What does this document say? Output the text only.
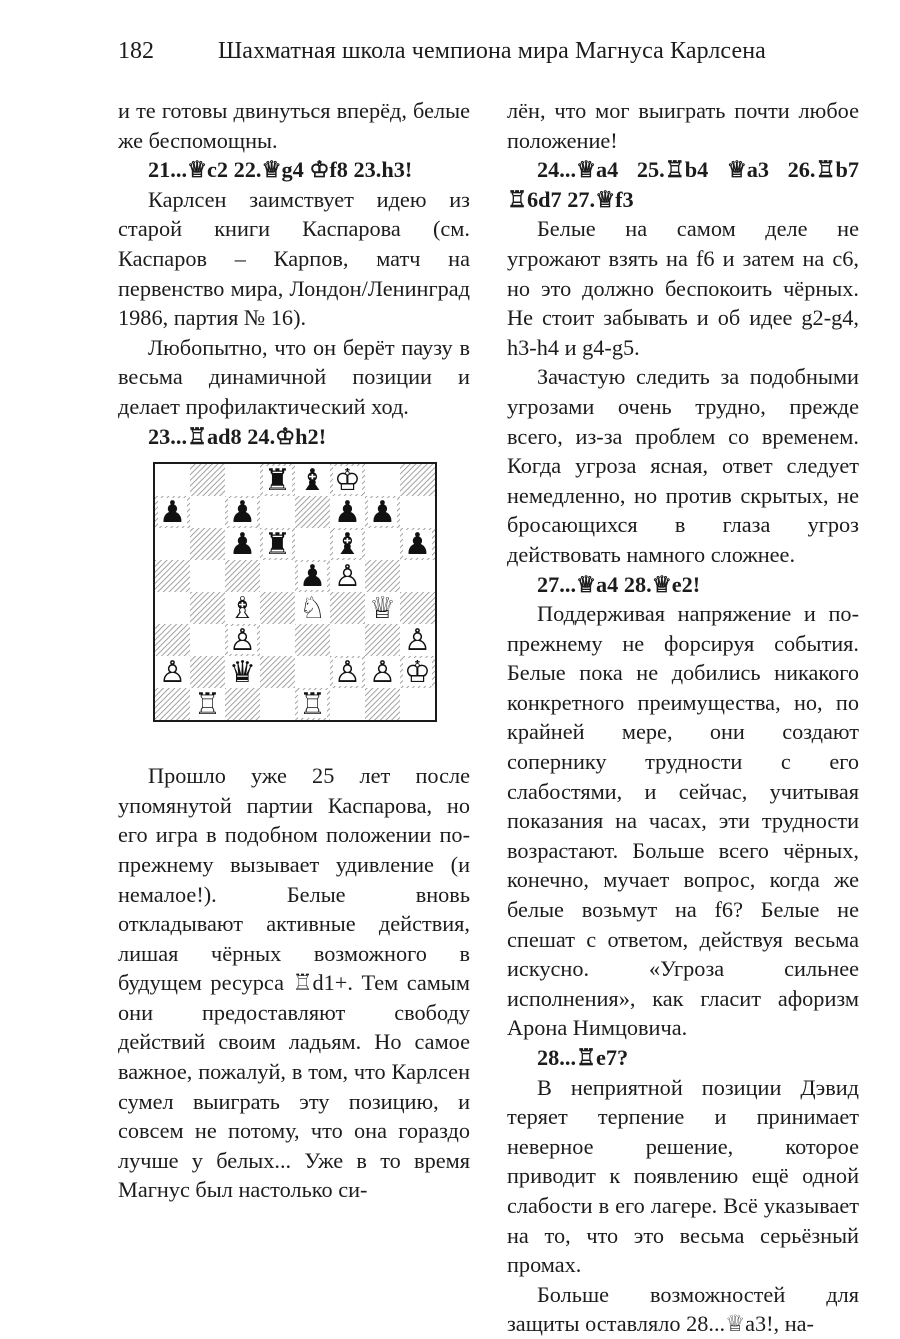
182	Шахматная школа чемпиона мира Магнуса Карлсена

и те готовы двинуться вперёд, белые же беспомощны.

21...♕c2 22.♕g4 ♔f8 23.h3!

Карлсен заимствует идею из старой книги Каспарова (см. Каспаров – Карпов, матч на первенство мира, Лондон/Ленинград 1986, партия № 16).

Любопытно, что он берёт паузу в весьма динамичной позиции и делает профилактический ход.

23...♖ad8 24.♔h2!

Прошло уже 25 лет после упомянутой партии Каспарова, но его игра в подобном положении по-прежнему вызывает удивление (и немалое!). Белые вновь откладывают активные действия, лишая чёрных возможного в будущем ресурса ♖d1+. Тем самым они предоставляют свободу действий своим ладьям. Но самое важное, пожалуй, в том, что Карлсен сумел выиграть эту позицию, и совсем не потому, что она гораздо лучше у белых... Уже в то время Магнус был настолько си-

♜ ♝ ♔
♟ ♟	♟ ♟
♟ ♜ ♝ ♟
♟ ♙
♗ ♘ ♕
♙	♙
♙ ♛	♙ ♙ ♔
♖	♖

лён, что мог выиграть почти любое положение!

24...♕a4 25.♖b4 ♕a3 26.♖b7 ♖6d7 27.♕f3

Белые на самом деле не угрожают взять на f6 и затем на c6, но это должно беспокоить чёрных. Не стоит забывать и об идее g2-g4, h3-h4 и g4-g5.

Зачастую следить за подобными угрозами очень трудно, прежде всего, из-за проблем со временем. Когда угроза ясная, ответ следует немедленно, но против скрытых, не бросающихся в глаза угроз действовать намного сложнее.

27...♕a4 28.♕e2!

Поддерживая напряжение и по-прежнему не форсируя события. Белые пока не добились никакого конкретного преимущества, но, по крайней мере, они создают сопернику трудности с его слабостями, и сейчас, учитывая показания на часах, эти трудности возрастают. Больше всего чёрных, конечно, мучает вопрос, когда же белые возьмут на f6? Белые не спешат с ответом, действуя весьма искусно. «Угроза сильнее исполнения», как гласит афоризм Арона Нимцовича.

28...♖e7?

В неприятной позиции Дэвид теряет терпение и принимает неверное решение, которое приводит к появлению ещё одной слабости в его лагере. Всё указывает на то, что это весьма серьёзный промах.

Больше возможностей для защиты оставляло 28...♕a3!, на-
